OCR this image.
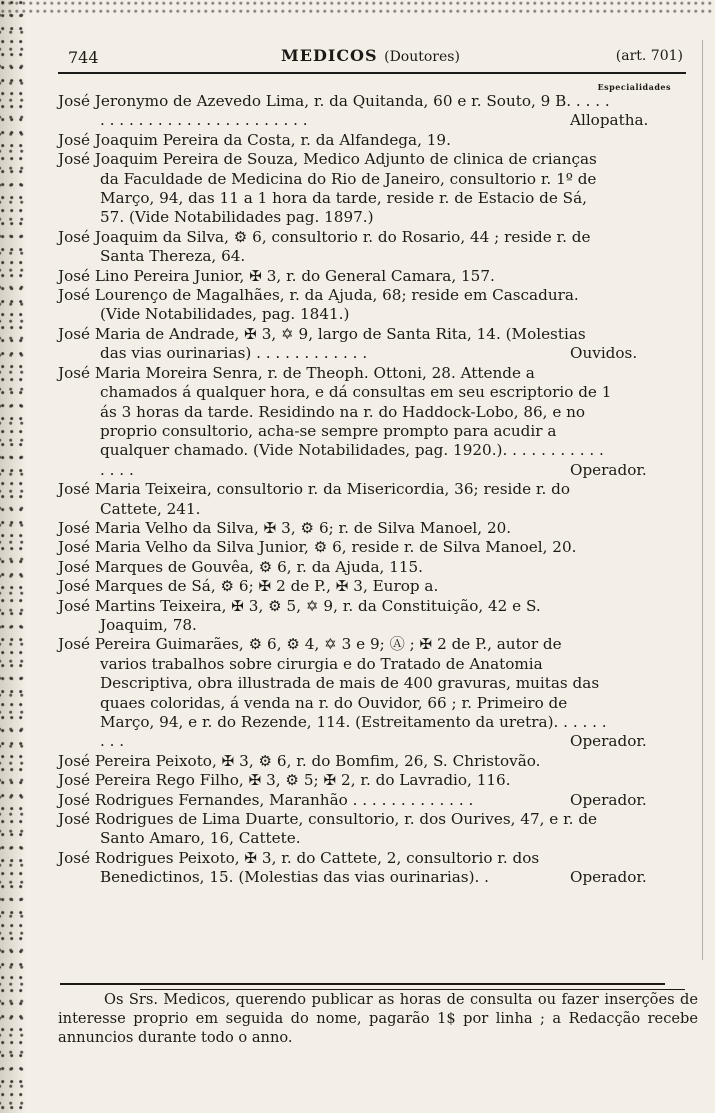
744	MEDICOS (Doutores)	(art. 701)
Especialidades
José Jeronymo de Azevedo Lima, r. da Quitanda, 60 e r. Souto, 9 B. . . . . . . . . . . . . . . . . . . . . . . . . . .	Allopatha.
José Joaquim Pereira da Costa, r. da Alfandega, 19.
José Joaquim Pereira de Souza, Medico Adjunto de clinica de crianças da Faculdade de Medicina do Rio de Janeiro, consultorio r. 1º de Março, 94, das 11 a 1 hora da tarde, reside r. de Estacio de Sá, 57. (Vide Notabilidades pag. 1897.)
José Joaquim da Silva, ⚙ 6, consultorio r. do Rosario, 44 ; reside r. de Santa Thereza, 64.
José Lino Pereira Junior, ✠ 3, r. do General Camara, 157.
José Lourenço de Magalhães, r. da Ajuda, 68; reside em Cascadura. (Vide Notabilidades, pag. 1841.)
José Maria de Andrade, ✠ 3, ✡ 9, largo de Santa Rita, 14. (Molestias das vias ourinarias) . . . . . . . . . . . .	Ouvidos.
José Maria Moreira Senra, r. de Theoph. Ottoni, 28. Attende a chamados á qualquer hora, e dá consultas em seu escriptorio de 1 ás 3 horas da tarde. Residindo na r. do Haddock-Lobo, 86, e no proprio consultorio, acha-se sempre prompto para acudir a qualquer chamado. (Vide Notabilidades, pag. 1920.). . . . . . . . . . . . . . .	Operador.
José Maria Teixeira, consultorio r. da Misericordia, 36; reside r. do Cattete, 241.
José Maria Velho da Silva, ✠ 3, ⚙ 6; r. de Silva Manoel, 20.
José Maria Velho da Silva Junior, ⚙ 6, reside r. de Silva Manoel, 20.
José Marques de Gouvêa, ⚙ 6, r. da Ajuda, 115.
José Marques de Sá, ⚙ 6; ✠ 2 de P., ✠ 3, Europ a.
José Martins Teixeira, ✠ 3, ⚙ 5, ✡ 9, r. da Constituição, 42 e S. Joaquim, 78.
José Pereira Guimarães, ⚙ 6, ⚙ 4, ✡ 3 e 9; Ⓐ ; ✠ 2 de P., autor de varios trabalhos sobre cirurgia e do Tratado de Anatomia Descriptiva, obra illustrada de mais de 400 gravuras, muitas das quaes coloridas, á venda na r. do Ouvidor, 66 ; r. Primeiro de Março, 94, e r. do Rezende, 114. (Estreitamento da uretra). . . . . . . . .	Operador.
José Pereira Peixoto, ✠ 3, ⚙ 6, r. do Bomfim, 26, S. Christovão.
José Pereira Rego Filho, ✠ 3, ⚙ 5; ✠ 2, r. do Lavradio, 116.
José Rodrigues Fernandes, Maranhão . . . . . . . . . . . . .	Operador.
José Rodrigues de Lima Duarte, consultorio, r. dos Ourives, 47, e r. de Santo Amaro, 16, Cattete.
José Rodrigues Peixoto, ✠ 3, r. do Cattete, 2, consultorio r. dos Benedictinos, 15. (Molestias das vias ourinarias). .	Operador.
Os Srs. Medicos, querendo publicar as horas de consulta ou fazer inserções de interesse proprio em seguida do nome, pagarão 1$ por linha ; a Redacção recebe annuncios durante todo o anno.
